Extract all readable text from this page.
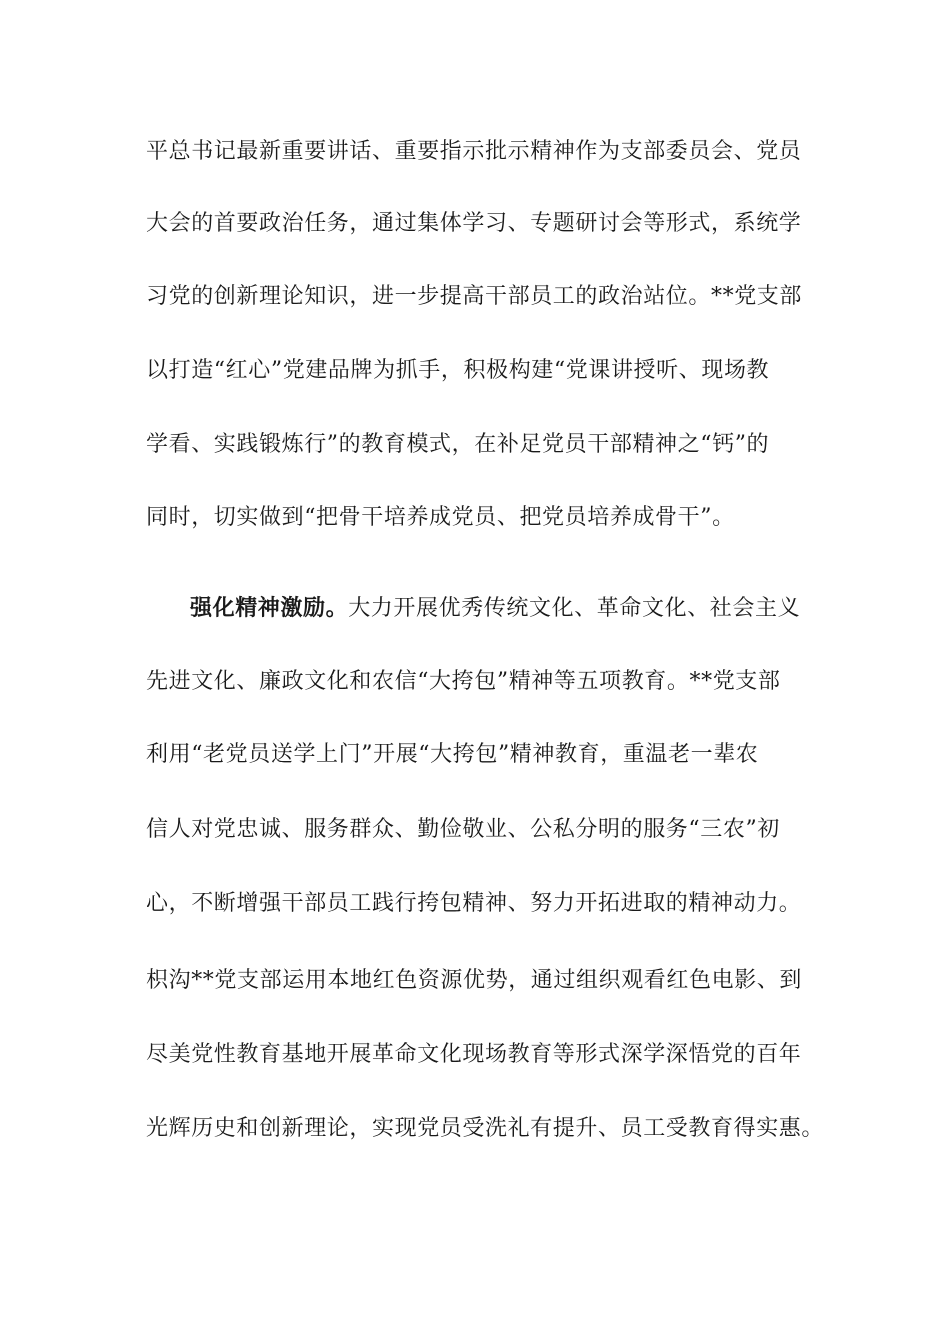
平总书记最新重要讲话、重要指示批示精神作为支部委员会、党员
大会的首要政治任务，通过集体学习、专题研讨会等形式，系统学
习党的创新理论知识，进一步提高干部员工的政治站位。**党支部
以打造“红心”党建品牌为抓手，积极构建“党课讲授听、现场教
学看、实践锻炼行”的教育模式，在补足党员干部精神之“钙”的
同时，切实做到“把骨干培养成党员、把党员培养成骨干”。
强化精神激励。大力开展优秀传统文化、革命文化、社会主义
先进文化、廉政文化和农信“大挎包”精神等五项教育。**党支部
利用“老党员送学上门”开展“大挎包”精神教育，重温老一辈农
信人对党忠诚、服务群众、勤俭敬业、公私分明的服务“三农”初
心，不断增强干部员工践行挎包精神、努力开拓进取的精神动力。
枳沟**党支部运用本地红色资源优势，通过组织观看红色电影、到
尽美党性教育基地开展革命文化现场教育等形式深学深悟党的百年
光辉历史和创新理论，实现党员受洗礼有提升、员工受教育得实惠。
